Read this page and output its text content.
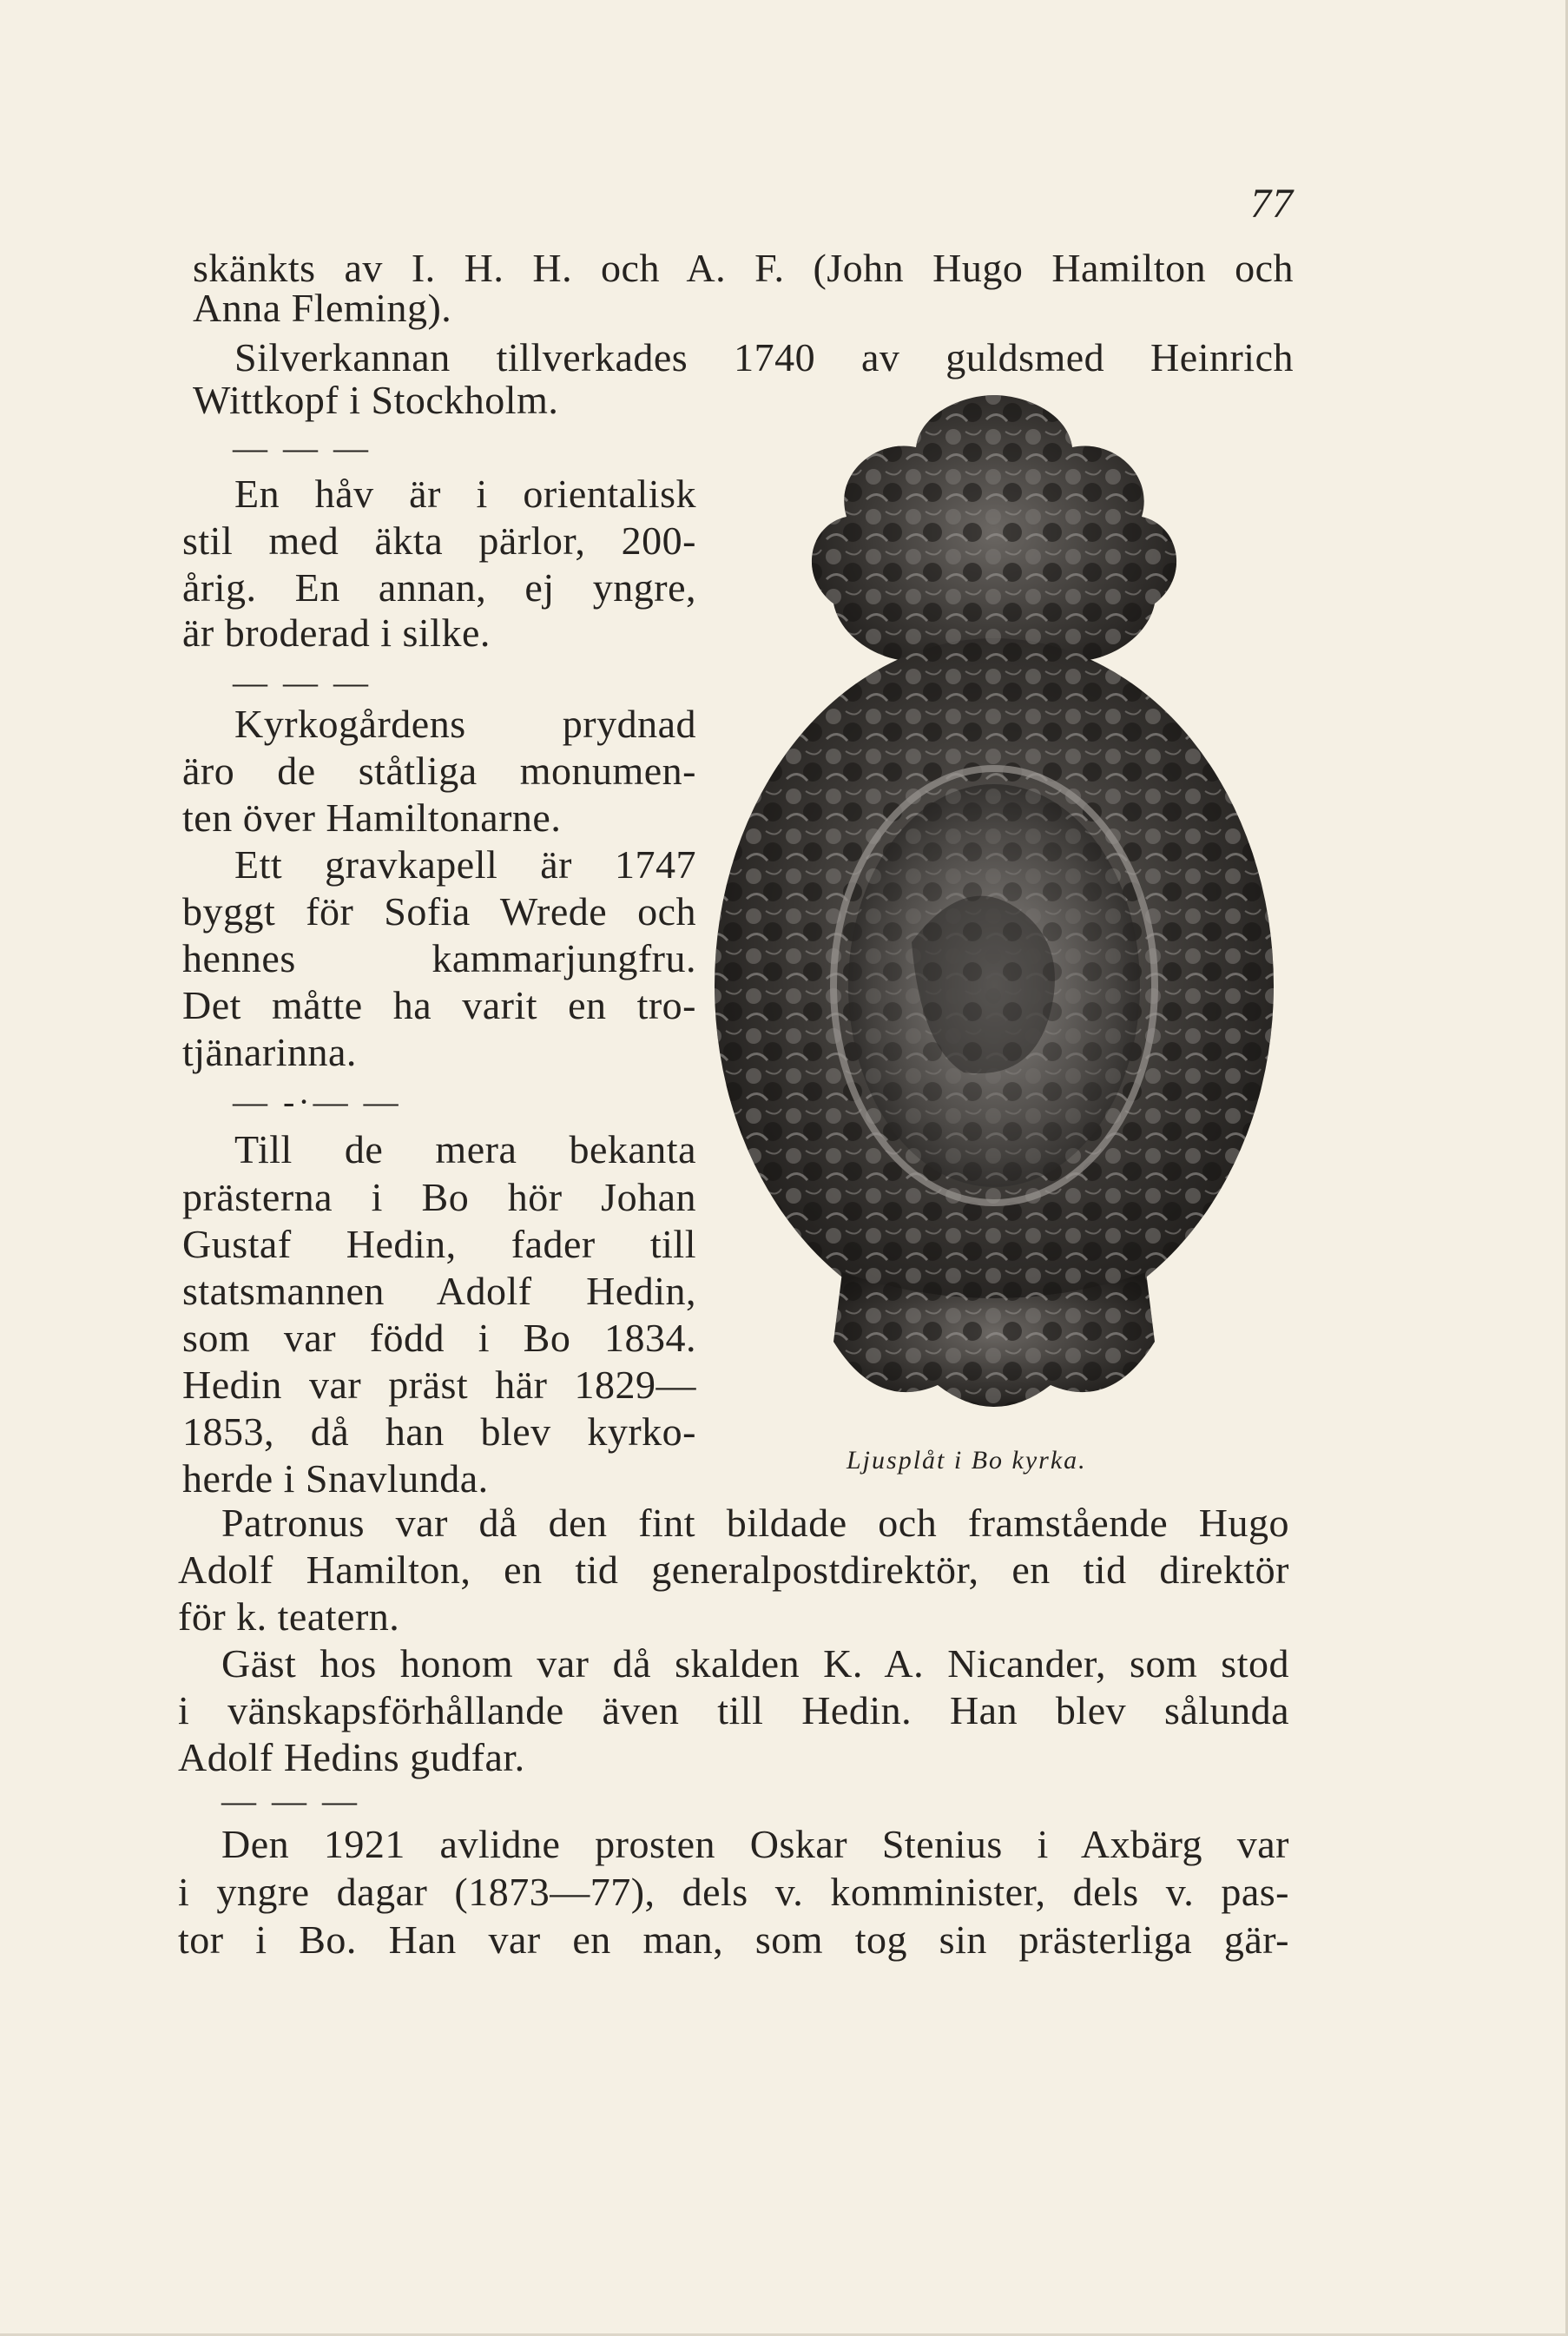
77
skänkts av I. H. H. och A. F. (John Hugo Hamilton och
Anna Fleming).
Silverkannan tillverkades 1740 av guldsmed Heinrich
Wittkopf i Stockholm.
— — —
En håv är i orientalisk
stil med äkta pärlor, 200-
årig. En annan, ej yngre,
är broderad i silke.
— — —
Kyrkogårdens prydnad
äro de ståtliga monumen-
ten över Hamiltonarne.
Ett gravkapell är 1747
byggt för Sofia Wrede och
hennes kammarjungfru.
Det måtte ha varit en tro-
tjänarinna.
— -·— —
Till de mera bekanta
prästerna i Bo hör Johan
Gustaf Hedin, fader till
statsmannen Adolf Hedin,
som var född i Bo 1834.
Hedin var präst här 1829—
1853, då han blev kyrko-
herde i Snavlunda.
Patronus var då den fint bildade och framstående Hugo
Adolf Hamilton, en tid generalpostdirektör, en tid direktör
för k. teatern.
Gäst hos honom var då skalden K. A. Nicander, som stod
i vänskapsförhållande även till Hedin. Han blev sålunda
Adolf Hedins gudfar.
— — —
Den 1921 avlidne prosten Oskar Stenius i Axbärg var
i yngre dagar (1873—77), dels v. komminister, dels v. pas-
tor i Bo. Han var en man, som tog sin prästerliga gär-
Ljusplåt i Bo kyrka.
